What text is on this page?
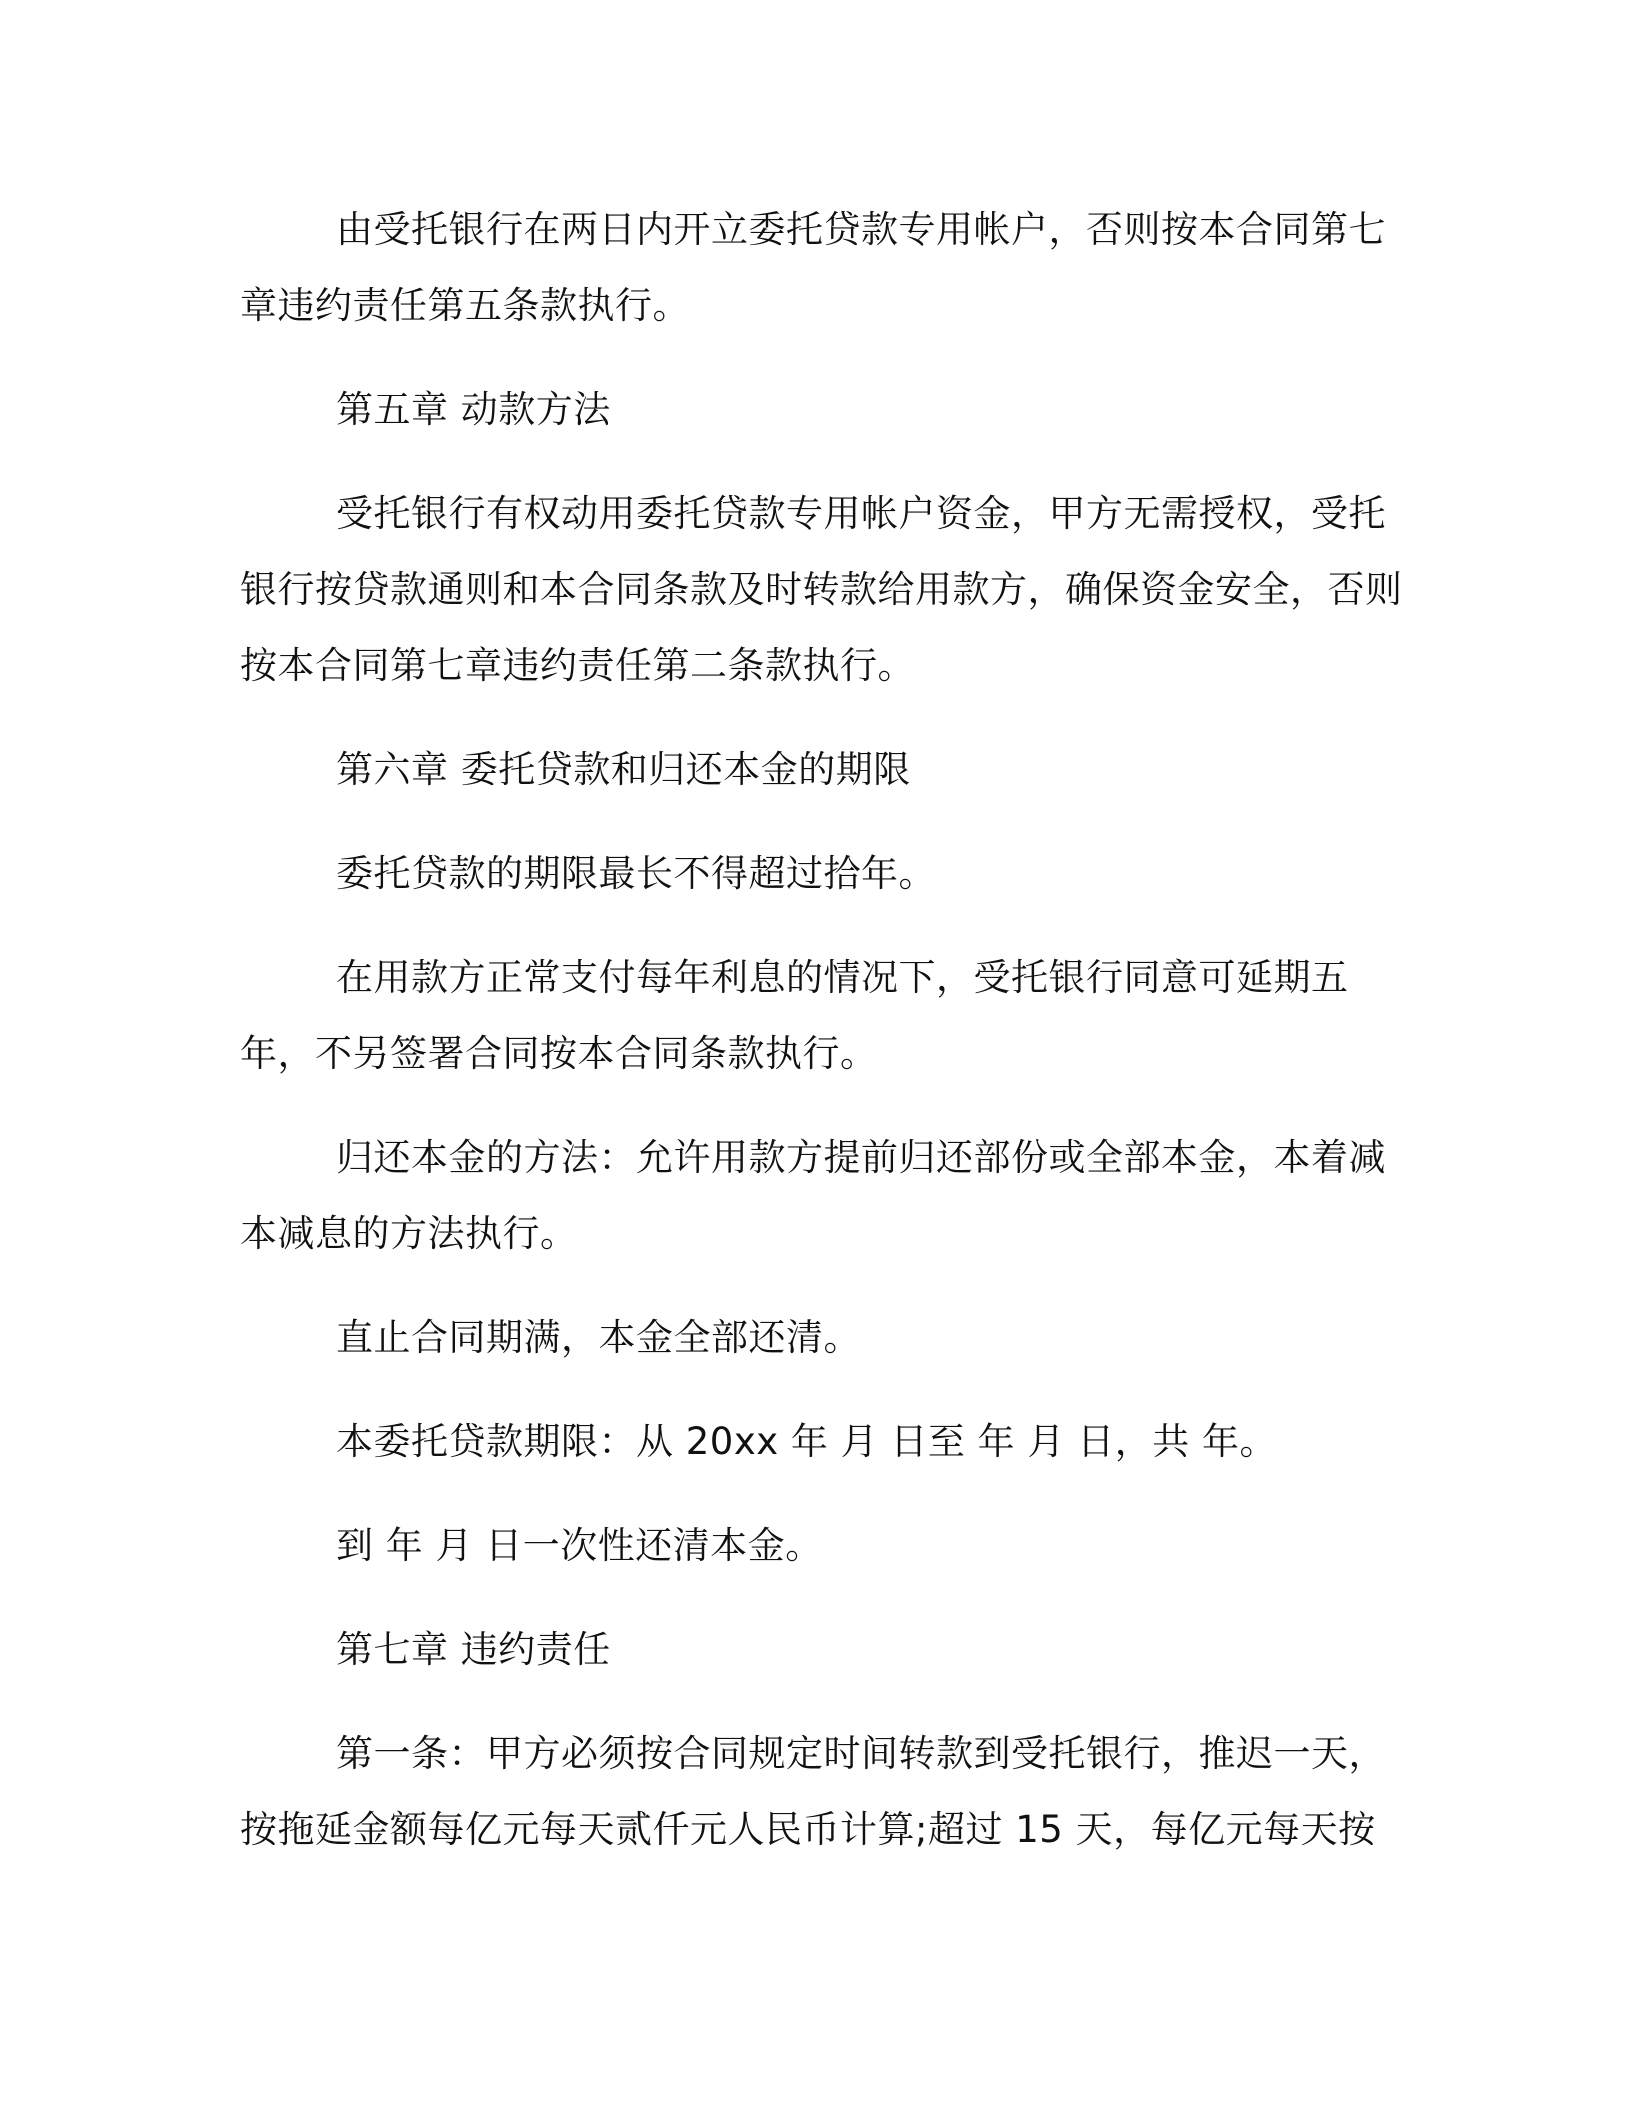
由受托银行在两日内开立委托贷款专用帐户，否则按本合同第七章违约责任第五条款执行。

第五章 动款方法

受托银行有权动用委托贷款专用帐户资金，甲方无需授权，受托银行按贷款通则和本合同条款及时转款给用款方，确保资金安全，否则按本合同第七章违约责任第二条款执行。

第六章 委托贷款和归还本金的期限

委托贷款的期限最长不得超过拾年。

在用款方正常支付每年利息的情况下，受托银行同意可延期五年，不另签署合同按本合同条款执行。

归还本金的方法：允许用款方提前归还部份或全部本金，本着减本减息的方法执行。

直止合同期满，本金全部还清。

本委托贷款期限：从 20xx 年 月 日至 年 月 日，共 年。

到 年 月 日一次性还清本金。

第七章 违约责任

第一条：甲方必须按合同规定时间转款到受托银行，推迟一天，按拖延金额每亿元每天贰仟元人民币计算;超过 15 天，每亿元每天按
